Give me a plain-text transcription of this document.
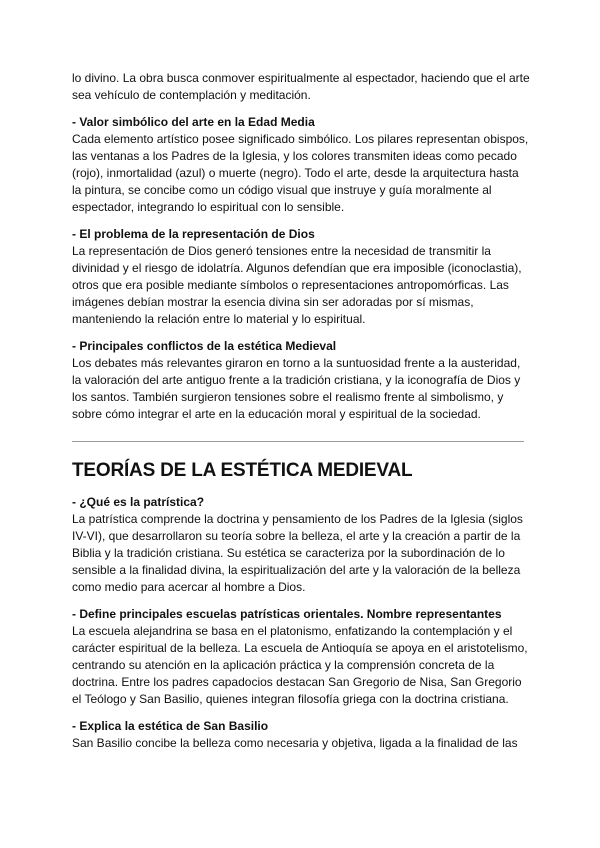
lo divino. La obra busca conmover espiritualmente al espectador, haciendo que el arte sea vehículo de contemplación y meditación.

- Valor simbólico del arte en la Edad Media
Cada elemento artístico posee significado simbólico. Los pilares representan obispos, las ventanas a los Padres de la Iglesia, y los colores transmiten ideas como pecado (rojo), inmortalidad (azul) o muerte (negro). Todo el arte, desde la arquitectura hasta la pintura, se concibe como un código visual que instruye y guía moralmente al espectador, integrando lo espiritual con lo sensible.

- El problema de la representación de Dios
La representación de Dios generó tensiones entre la necesidad de transmitir la divinidad y el riesgo de idolatría. Algunos defendían que era imposible (iconoclastia), otros que era posible mediante símbolos o representaciones antropomórficas. Las imágenes debían mostrar la esencia divina sin ser adoradas por sí mismas, manteniendo la relación entre lo material y lo espiritual.

- Principales conflictos de la estética Medieval
Los debates más relevantes giraron en torno a la suntuosidad frente a la austeridad, la valoración del arte antiguo frente a la tradición cristiana, y la iconografía de Dios y los santos. También surgieron tensiones sobre el realismo frente al simbolismo, y sobre cómo integrar el arte en la educación moral y espiritual de la sociedad.

TEORÍAS DE LA ESTÉTICA MEDIEVAL

- ¿Qué es la patrística?
La patrística comprende la doctrina y pensamiento de los Padres de la Iglesia (siglos IV-VI), que desarrollaron su teoría sobre la belleza, el arte y la creación a partir de la Biblia y la tradición cristiana. Su estética se caracteriza por la subordinación de lo sensible a la finalidad divina, la espiritualización del arte y la valoración de la belleza como medio para acercar al hombre a Dios.

- Define principales escuelas patrísticas orientales. Nombre representantes
La escuela alejandrina se basa en el platonismo, enfatizando la contemplación y el carácter espiritual de la belleza. La escuela de Antioquía se apoya en el aristotelismo, centrando su atención en la aplicación práctica y la comprensión concreta de la doctrina. Entre los padres capadocios destacan San Gregorio de Nisa, San Gregorio el Teólogo y San Basilio, quienes integran filosofía griega con la doctrina cristiana.

- Explica la estética de San Basilio
San Basilio concibe la belleza como necesaria y objetiva, ligada a la finalidad de las
